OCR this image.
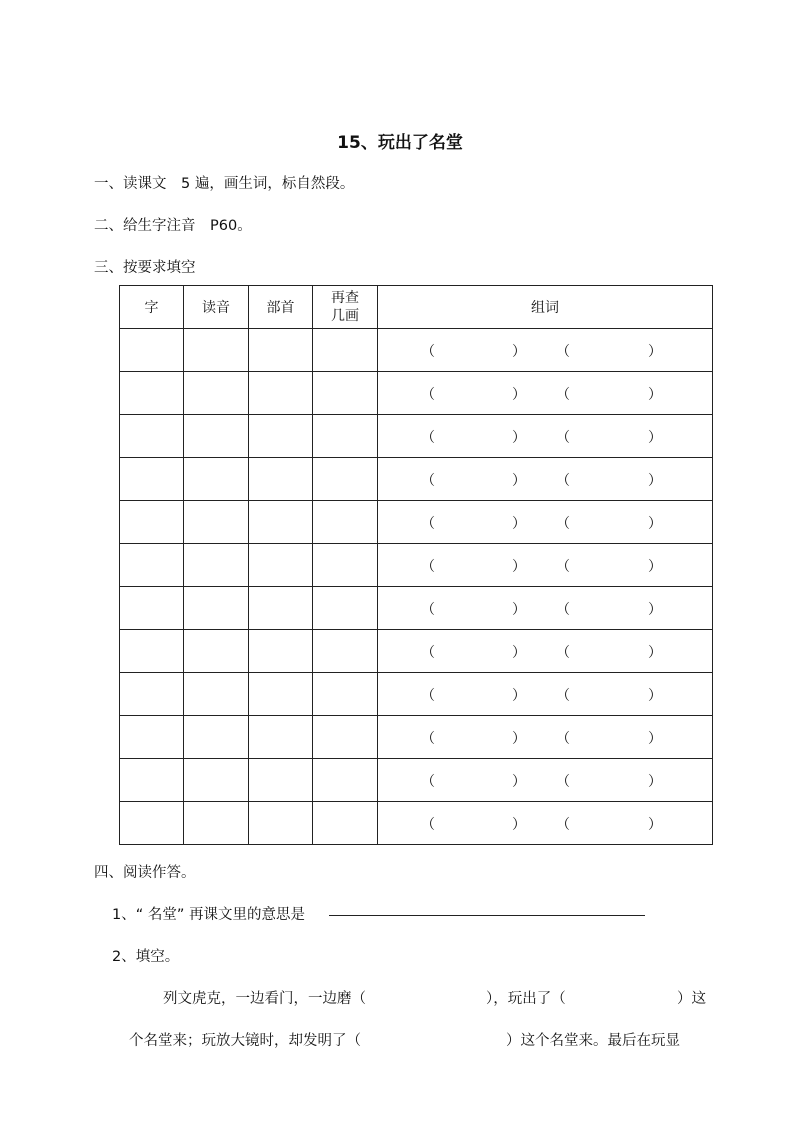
15、玩出了名堂
一、读课文　5 遍，画生词，标自然段。
二、给生字注音　P60。
三、按要求填空
字	读音	部首	再查
几画	组词

				（ ） （ ）

				（ ） （ ）

				（ ） （ ）

				（ ） （ ）

				（ ） （ ）

				（ ） （ ）

				（ ） （ ）

				（ ） （ ）

				（ ） （ ）

				（ ） （ ）

				（ ） （ ）

				（ ） （ ）
四、阅读作答。
1、“ 名堂” 再课文里的意思是
2、填空。
列文虎克，一边看门，一边磨（	），玩出了（	）这
个名堂来；玩放大镜时，却发明了（	）这个名堂来。最后在玩显
